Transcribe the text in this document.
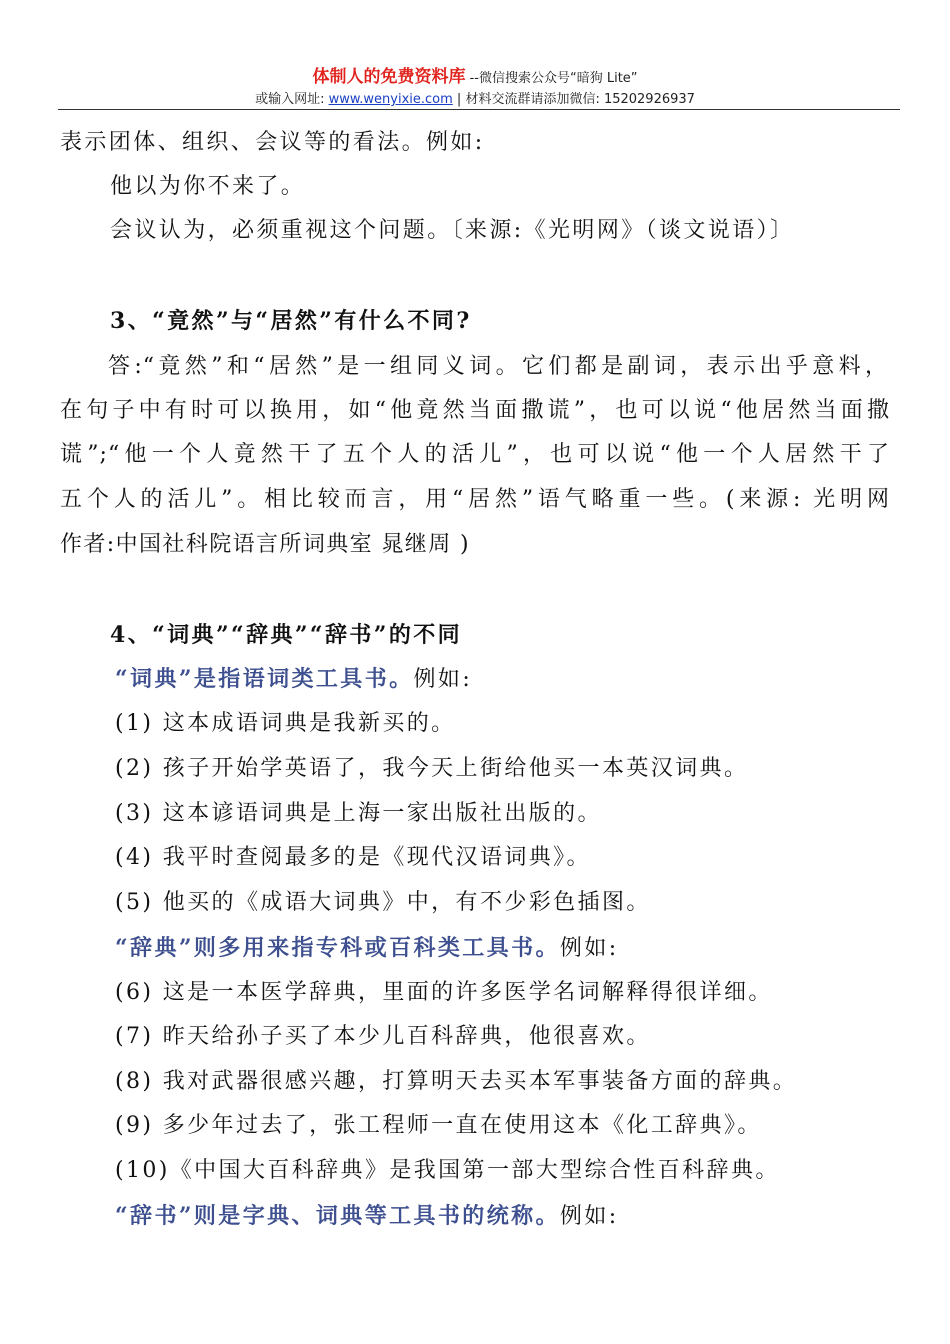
体制人的免费资料库 --微信搜索公众号“暗狗 Lite”
或输入网址: www.wenyixie.com | 材料交流群请添加微信: 15202926937
表示团体、组织、会议等的看法。例如:
他以为你不来了。
会议认为，必须重视这个问题。〔来源:《光明网》（谈文说语）〕
3、“竟然”与“居然”有什么不同?
答:“竟然”和“居然”是一组同义词。它们都是副词，表示出乎意料，
在句子中有时可以换用，如“他竟然当面撒谎”，也可以说“他居然当面撒
谎”;“他一个人竟然干了五个人的活儿”，也可以说“他一个人居然干了
五个人的活儿”。相比较而言，用“居然”语气略重一些。(来源: 光明网
作者:中国社科院语言所词典室 晁继周 )
4、“词典”“辞典”“辞书”的不同
“词典”是指语词类工具书。例如:
(1) 这本成语词典是我新买的。
(2) 孩子开始学英语了，我今天上街给他买一本英汉词典。
(3) 这本谚语词典是上海一家出版社出版的。
(4) 我平时查阅最多的是《现代汉语词典》。
(5) 他买的《成语大词典》中，有不少彩色插图。
“辞典”则多用来指专科或百科类工具书。例如:
(6) 这是一本医学辞典，里面的许多医学名词解释得很详细。
(7) 昨天给孙子买了本少儿百科辞典，他很喜欢。
(8) 我对武器很感兴趣，打算明天去买本军事装备方面的辞典。
(9) 多少年过去了，张工程师一直在使用这本《化工辞典》。
(10)《中国大百科辞典》是我国第一部大型综合性百科辞典。
“辞书”则是字典、词典等工具书的统称。例如:
